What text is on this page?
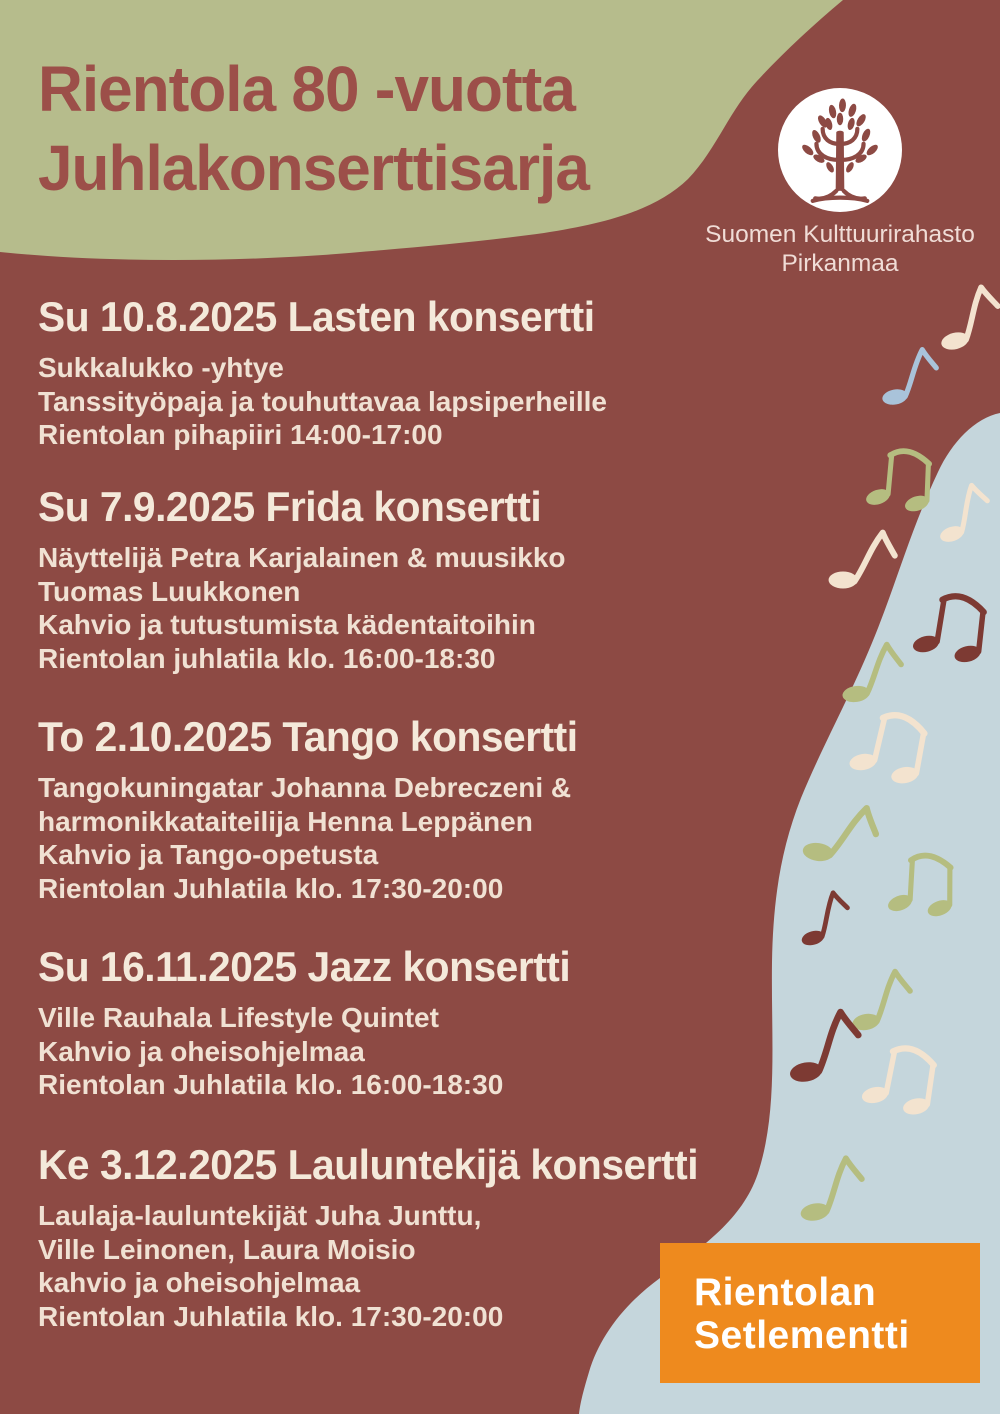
Rientola 80 -vuotta
Juhlakonserttisarja
Suomen Kulttuurirahasto
Pirkanmaa
Su 10.8.2025 Lasten konsertti

Sukkalukko -yhtye

Tanssityöpaja ja touhuttavaa lapsiperheille

Rientolan pihapiiri 14:00-17:00

Su 7.9.2025 Frida konsertti

Näyttelijä Petra Karjalainen & muusikko

Tuomas Luukkonen

Kahvio ja tutustumista kädentaitoihin

Rientolan juhlatila klo. 16:00-18:30

To 2.10.2025 Tango konsertti

Tangokuningatar Johanna Debreczeni &

harmonikkataiteilija Henna Leppänen

Kahvio ja Tango-opetusta

Rientolan Juhlatila klo. 17:30-20:00

Su 16.11.2025 Jazz konsertti

Ville Rauhala Lifestyle Quintet

Kahvio ja oheisohjelmaa

Rientolan Juhlatila klo. 16:00-18:30

Ke 3.12.2025 Lauluntekijä konsertti

Laulaja-lauluntekijät Juha Junttu,

Ville Leinonen, Laura Moisio

kahvio ja oheisohjelmaa

Rientolan Juhlatila klo. 17:30-20:00

Rientolan
Setlementti
